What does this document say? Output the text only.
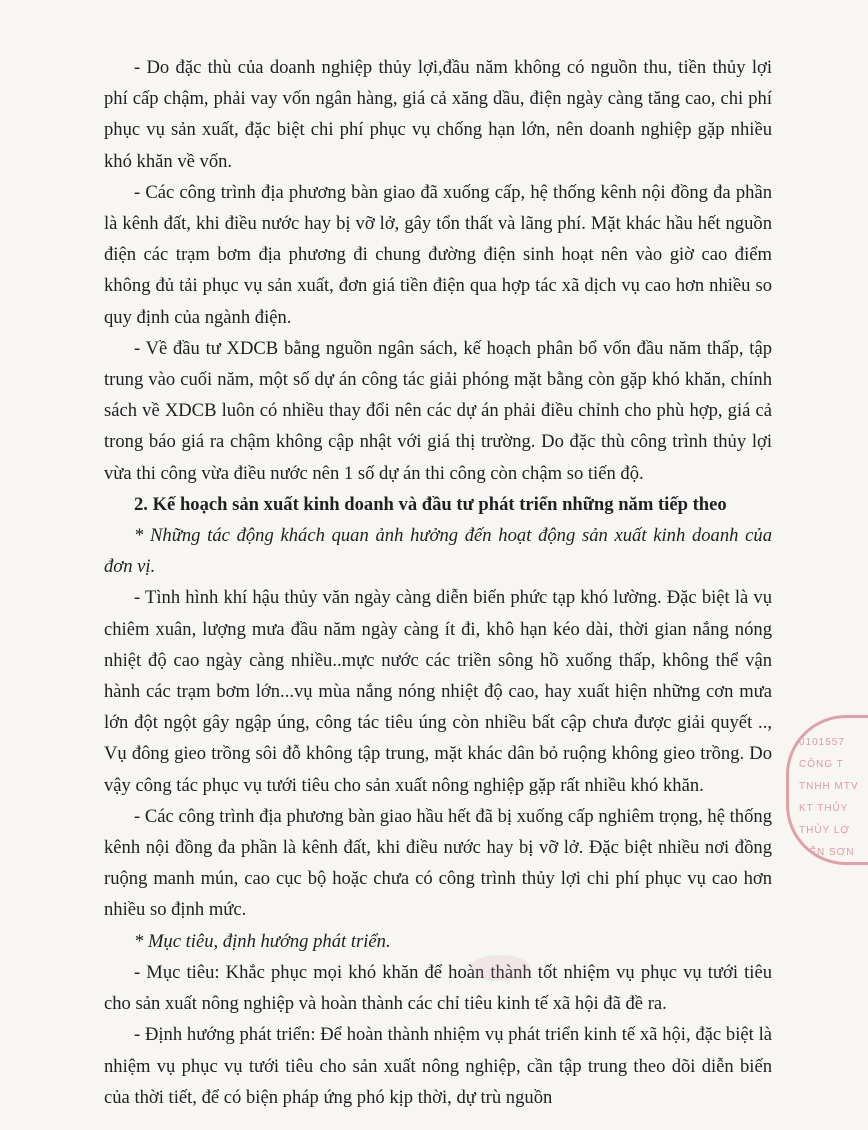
- Do đặc thù của doanh nghiệp thủy lợi,đầu năm không có nguồn thu, tiền thủy lợi phí cấp chậm, phải vay vốn ngân hàng, giá cả xăng dầu, điện ngày càng tăng cao, chi phí phục vụ sản xuất, đặc biệt chi phí phục vụ chống hạn lớn, nên doanh nghiệp gặp nhiều khó khăn về vốn.

- Các công trình địa phương bàn giao đã xuống cấp, hệ thống kênh nội đồng đa phần là kênh đất, khi điều nước hay bị vỡ lở, gây tổn thất và lãng phí. Mặt khác hầu hết nguồn điện các trạm bơm địa phương đi chung đường điện sinh hoạt nên vào giờ cao điểm không đủ tải phục vụ sản xuất, đơn giá tiền điện qua hợp tác xã dịch vụ cao hơn nhiều so quy định của ngành điện.

- Về đầu tư XDCB bằng nguồn ngân sách, kế hoạch phân bổ vốn đầu năm thấp, tập trung vào cuối năm, một số dự án công tác giải phóng mặt bằng còn gặp khó khăn, chính sách về XDCB luôn có nhiều thay đổi nên các dự án phải điều chỉnh cho phù hợp, giá cả trong báo giá ra chậm không cập nhật với giá thị trường. Do đặc thù công trình thủy lợi vừa thi công vừa điều nước nên 1 số dự án thi công còn chậm so tiến độ.

2. Kế hoạch sản xuất kinh doanh và đầu tư phát triển những năm tiếp theo

* Những tác động khách quan ảnh hưởng đến hoạt động sản xuất kinh doanh của đơn vị.

- Tình hình khí hậu thủy văn ngày càng diễn biến phức tạp khó lường. Đặc biệt là vụ chiêm xuân, lượng mưa đầu năm ngày càng ít đi, khô hạn kéo dài, thời gian nắng nóng nhiệt độ cao ngày càng nhiều..mực nước các triền sông hồ xuống thấp, không thể vận hành các trạm bơm lớn...vụ mùa nắng nóng nhiệt độ cao, hay xuất hiện những cơn mưa lớn đột ngột gây ngập úng, công tác tiêu úng còn nhiều bất cập chưa được giải quyết .., Vụ đông gieo trồng sôi đỗ không tập trung, mặt khác dân bỏ ruộng không gieo trồng. Do vậy công tác phục vụ tưới tiêu cho sản xuất nông nghiệp gặp rất nhiều khó khăn.

- Các công trình địa phương bàn giao hầu hết đã bị xuống cấp nghiêm trọng, hệ thống kênh nội đồng đa phần là kênh đất, khi điều nước hay bị vỡ lở. Đặc biệt nhiều nơi đồng ruộng manh mún, cao cục bộ hoặc chưa có công trình thủy lợi chi phí phục vụ cao hơn nhiều so định mức.

* Mục tiêu, định hướng phát triển.

- Mục tiêu: Khắc phục mọi khó khăn để hoàn thành tốt nhiệm vụ phục vụ tưới tiêu cho sản xuất nông nghiệp và hoàn thành các chỉ tiêu kinh tế xã hội đã đề ra.

- Định hướng phát triển: Để hoàn thành nhiệm vụ phát triển kinh tế xã hội, đặc biệt là nhiệm vụ phục vụ tưới tiêu cho sản xuất nông nghiệp, cần tập trung theo dõi diễn biến của thời tiết, để có biện pháp ứng phó kịp thời, dự trù nguồn

0101557
CÔNG T
TNHH MTV
KT THỦY
THỦY LỢ
LIỄN SƠN
